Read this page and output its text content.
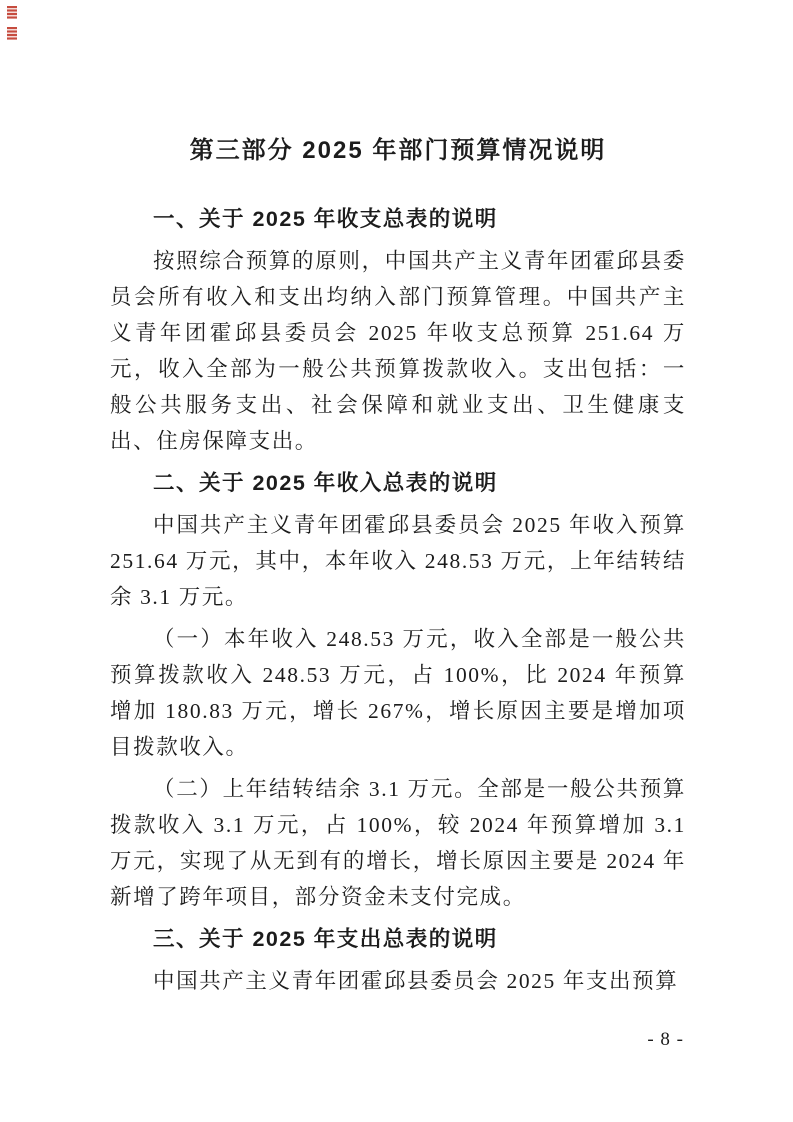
第三部分 2025 年部门预算情况说明
一、关于 2025 年收支总表的说明

按照综合预算的原则，中国共产主义青年团霍邱县委员会所有收入和支出均纳入部门预算管理。中国共产主义青年团霍邱县委员会 2025 年收支总预算 251.64 万元，收入全部为一般公共预算拨款收入。支出包括：一般公共服务支出、社会保障和就业支出、卫生健康支出、住房保障支出。

二、关于 2025 年收入总表的说明

中国共产主义青年团霍邱县委员会 2025 年收入预算 251.64 万元，其中，本年收入 248.53 万元，上年结转结余 3.1 万元。

（一）本年收入 248.53 万元，收入全部是一般公共预算拨款收入 248.53 万元，占 100%，比 2024 年预算增加 180.83 万元，增长 267%，增长原因主要是增加项目拨款收入。

（二）上年结转结余 3.1 万元。全部是一般公共预算拨款收入 3.1 万元，占 100%，较 2024 年预算增加 3.1 万元，实现了从无到有的增长，增长原因主要是 2024 年新增了跨年项目，部分资金未支付完成。

三、关于 2025 年支出总表的说明

中国共产主义青年团霍邱县委员会 2025 年支出预算

- 8 -
